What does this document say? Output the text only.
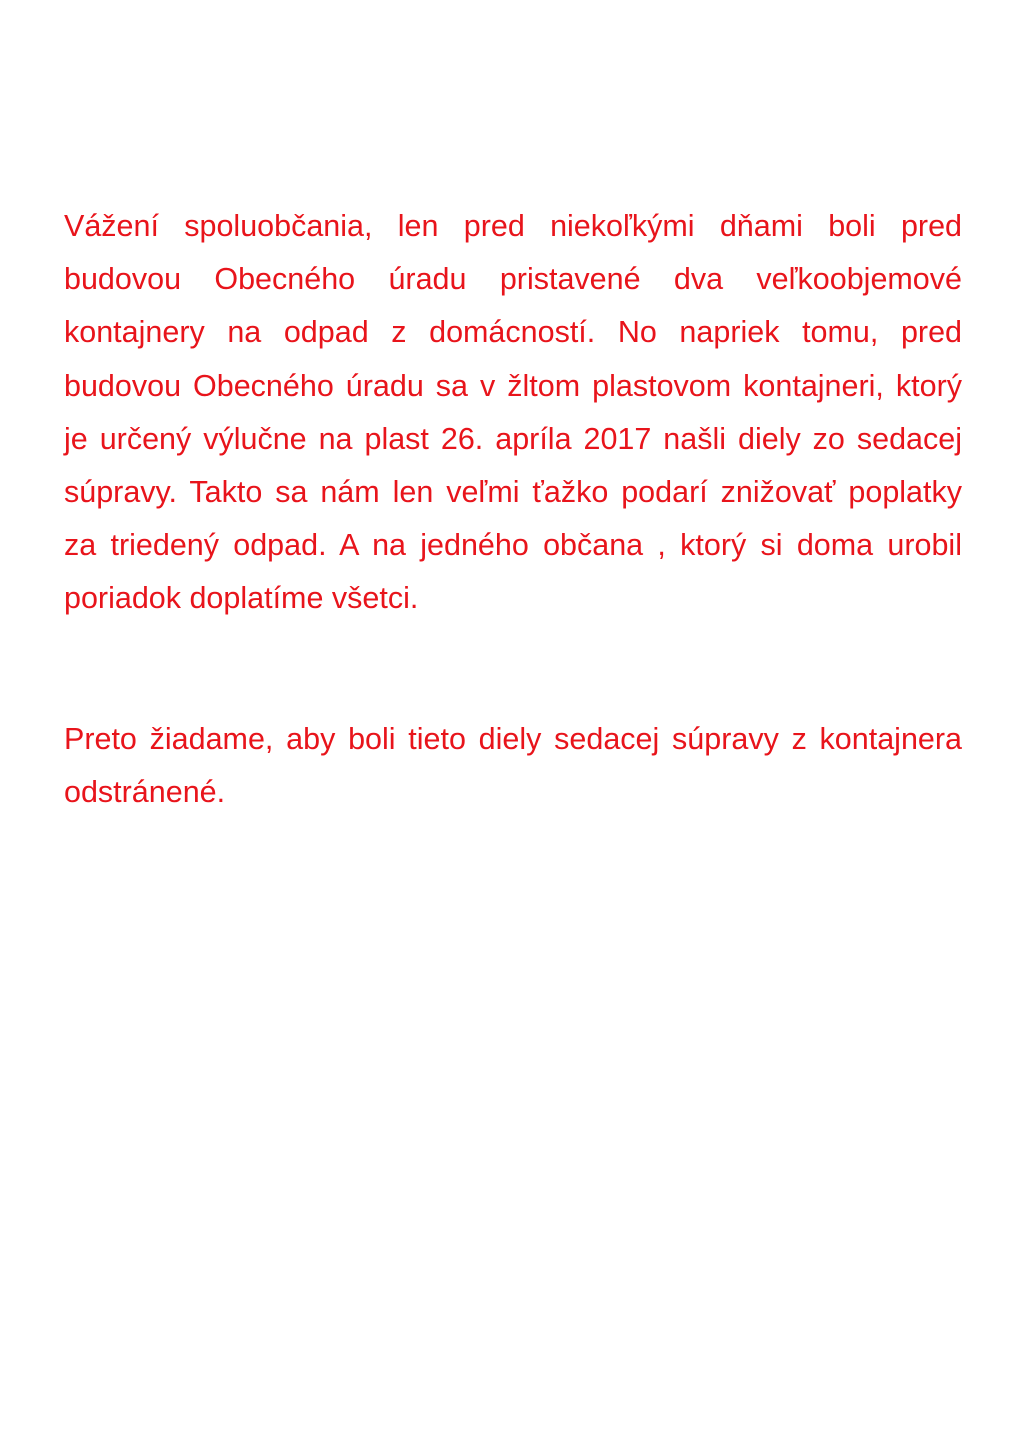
Vážení spoluobčania, len pred niekoľkými dňami boli pred budovou Obecného úradu pristavené dva veľkoobjemové kontajnery na odpad z domácností. No napriek tomu, pred budovou Obecného úradu sa v žltom plastovom kontajneri, ktorý je určený výlučne na plast 26. apríla 2017 našli diely zo sedacej súpravy. Takto sa nám len veľmi ťažko podarí znižovať poplatky za triedený odpad. A na jedného občana , ktorý si doma urobil poriadok doplatíme všetci.

Preto žiadame, aby boli tieto diely sedacej súpravy z kontajnera odstránené.
